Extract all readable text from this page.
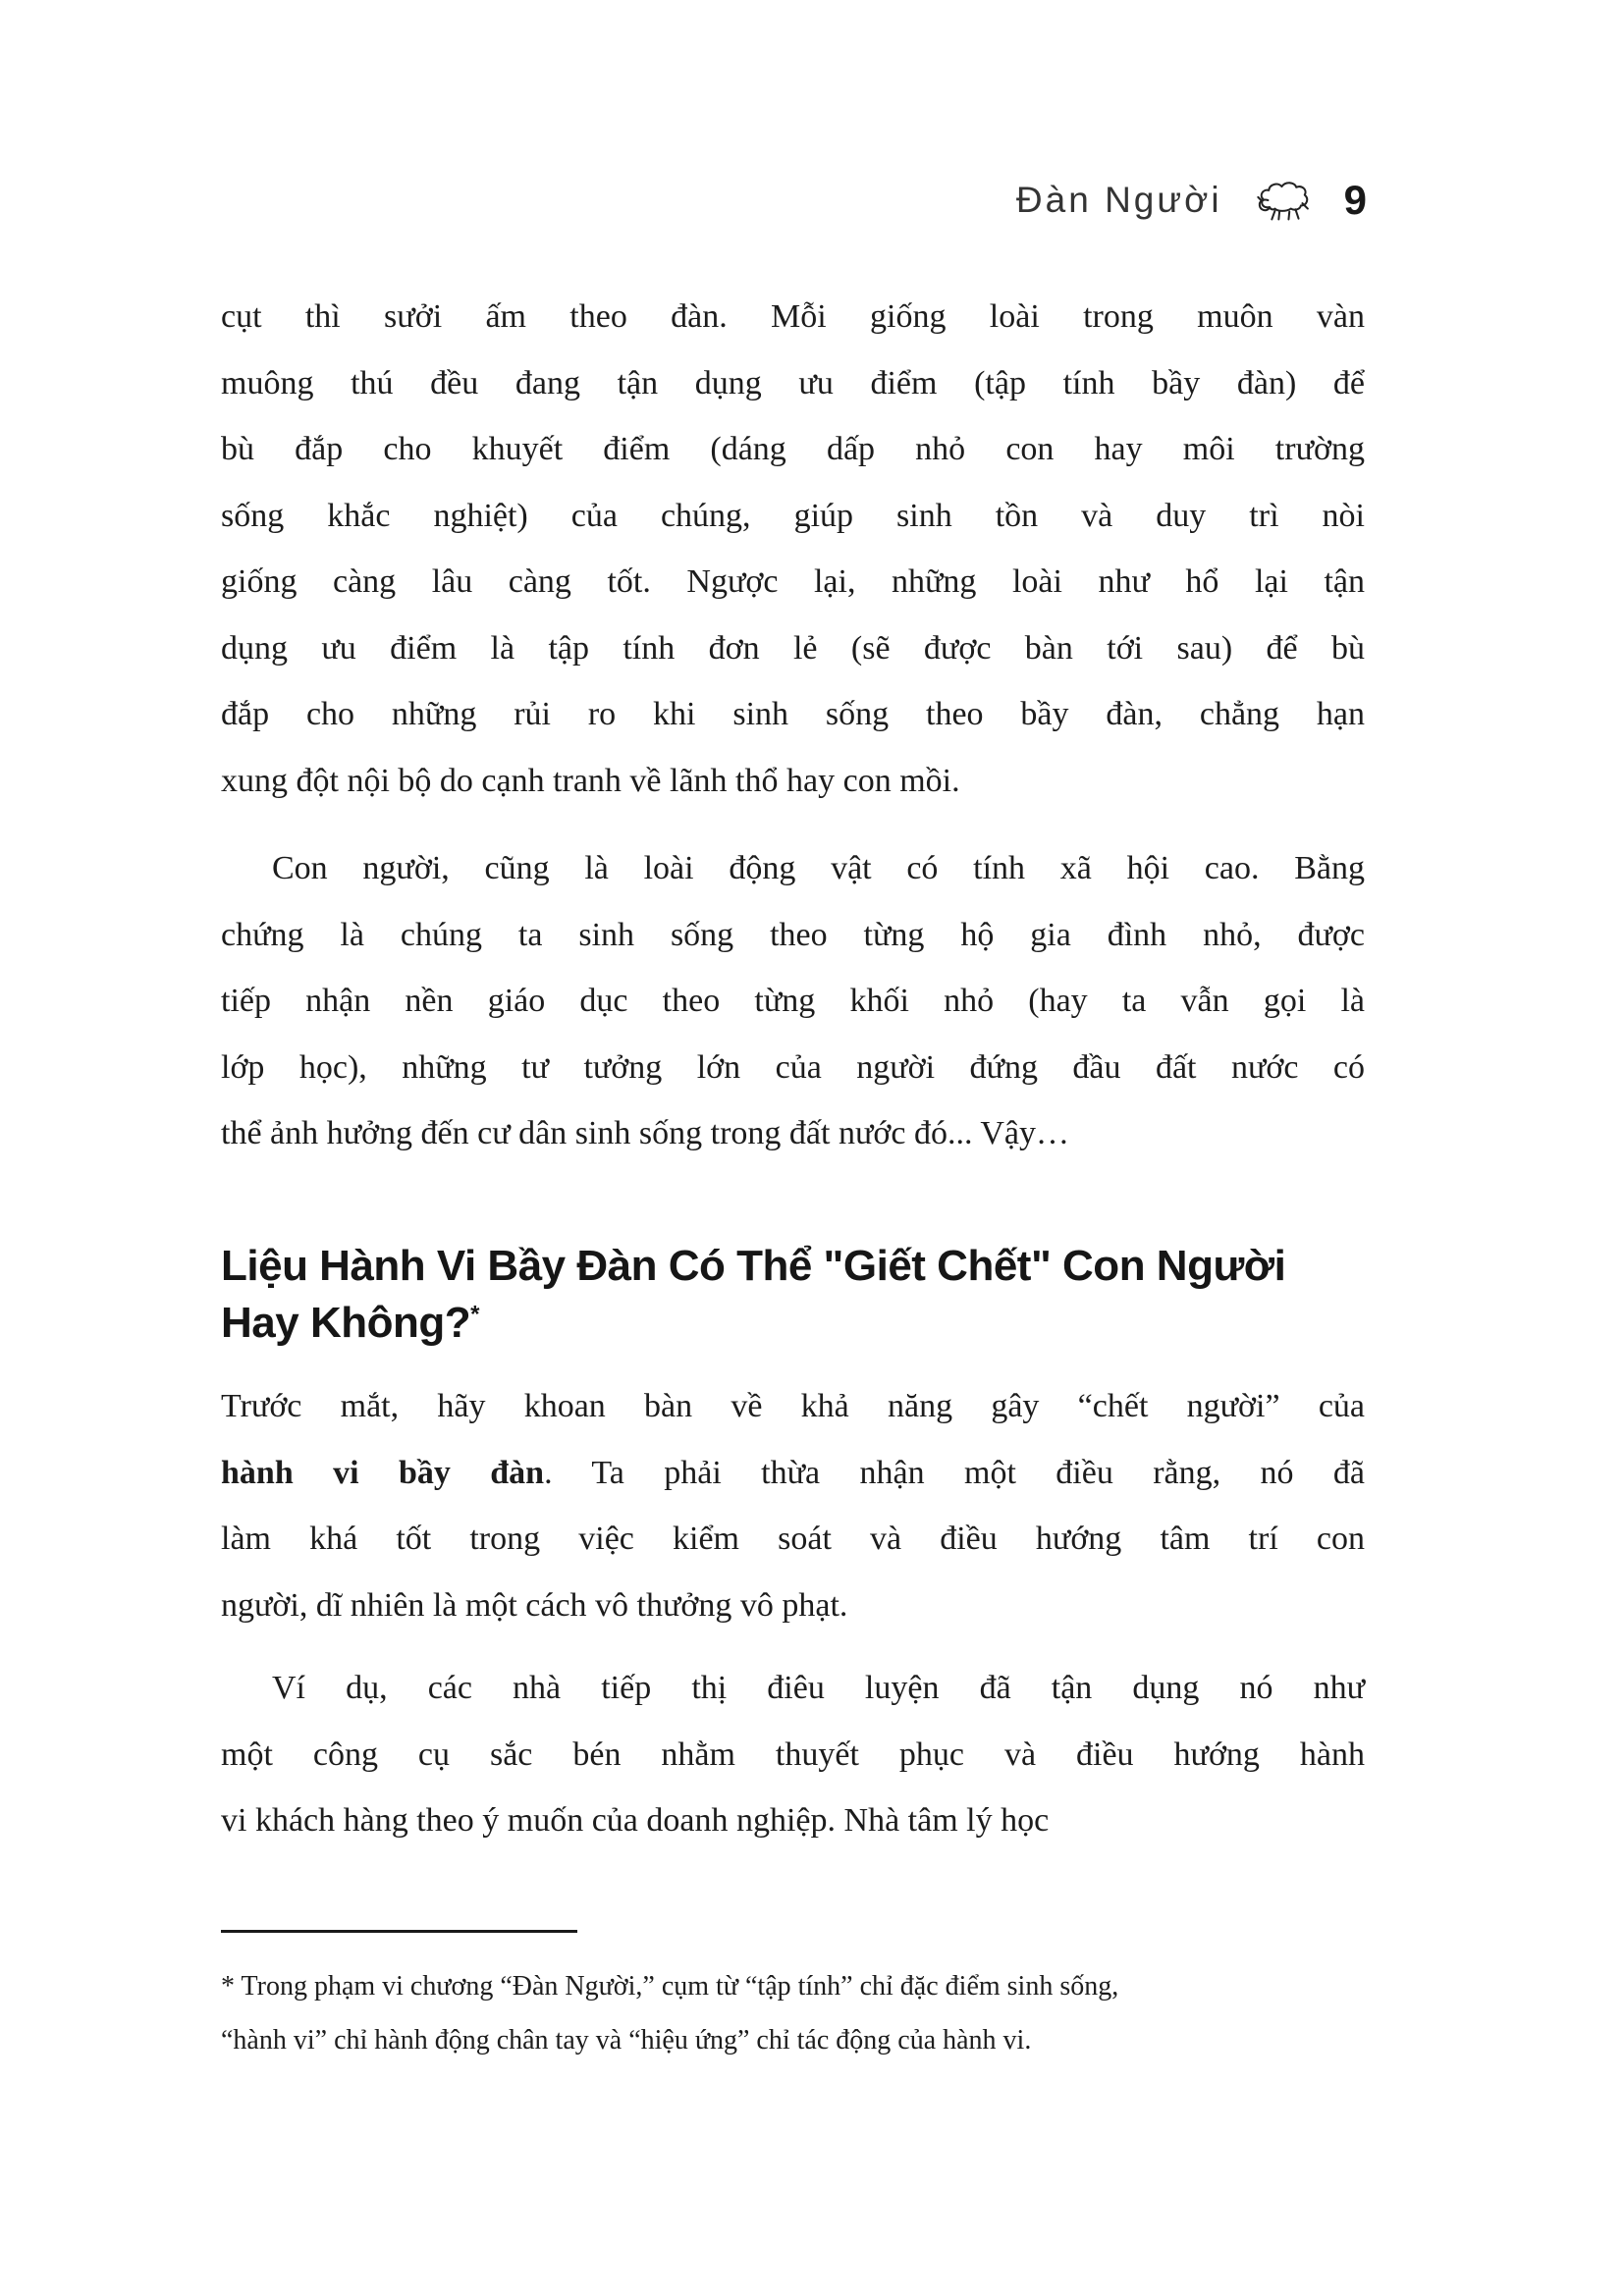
Đàn Người	9
cụt thì sưởi ấm theo đàn. Mỗi giống loài trong muôn vàn
muông thú đều đang tận dụng ưu điểm (tập tính bầy đàn) để
bù đắp cho khuyết điểm (dáng dấp nhỏ con hay môi trường
sống khắc nghiệt) của chúng, giúp sinh tồn và duy trì nòi
giống càng lâu càng tốt. Ngược lại, những loài như hổ lại tận
dụng ưu điểm là tập tính đơn lẻ (sẽ được bàn tới sau) để bù
đắp cho những rủi ro khi sinh sống theo bầy đàn, chẳng hạn
xung đột nội bộ do cạnh tranh về lãnh thổ hay con mồi.
Con người, cũng là loài động vật có tính xã hội cao. Bằng
chứng là chúng ta sinh sống theo từng hộ gia đình nhỏ, được
tiếp nhận nền giáo dục theo từng khối nhỏ (hay ta vẫn gọi là
lớp học), những tư tưởng lớn của người đứng đầu đất nước có
thể ảnh hưởng đến cư dân sinh sống trong đất nước đó... Vậy…
Liệu Hành Vi Bầy Đàn Có Thể "Giết Chết" Con Người
Hay Không?*
Trước mắt, hãy khoan bàn về khả năng gây “chết người” của
hành vi bầy đàn. Ta phải thừa nhận một điều rằng, nó đã
làm khá tốt trong việc kiểm soát và điều hướng tâm trí con
người, dĩ nhiên là một cách vô thưởng vô phạt.
Ví dụ, các nhà tiếp thị điêu luyện đã tận dụng nó như
một công cụ sắc bén nhằm thuyết phục và điều hướng hành
vi khách hàng theo ý muốn của doanh nghiệp. Nhà tâm lý học
* Trong phạm vi chương “Đàn Người,” cụm từ “tập tính” chỉ đặc điểm sinh sống,
“hành vi” chỉ hành động chân tay và “hiệu ứng” chỉ tác động của hành vi.
